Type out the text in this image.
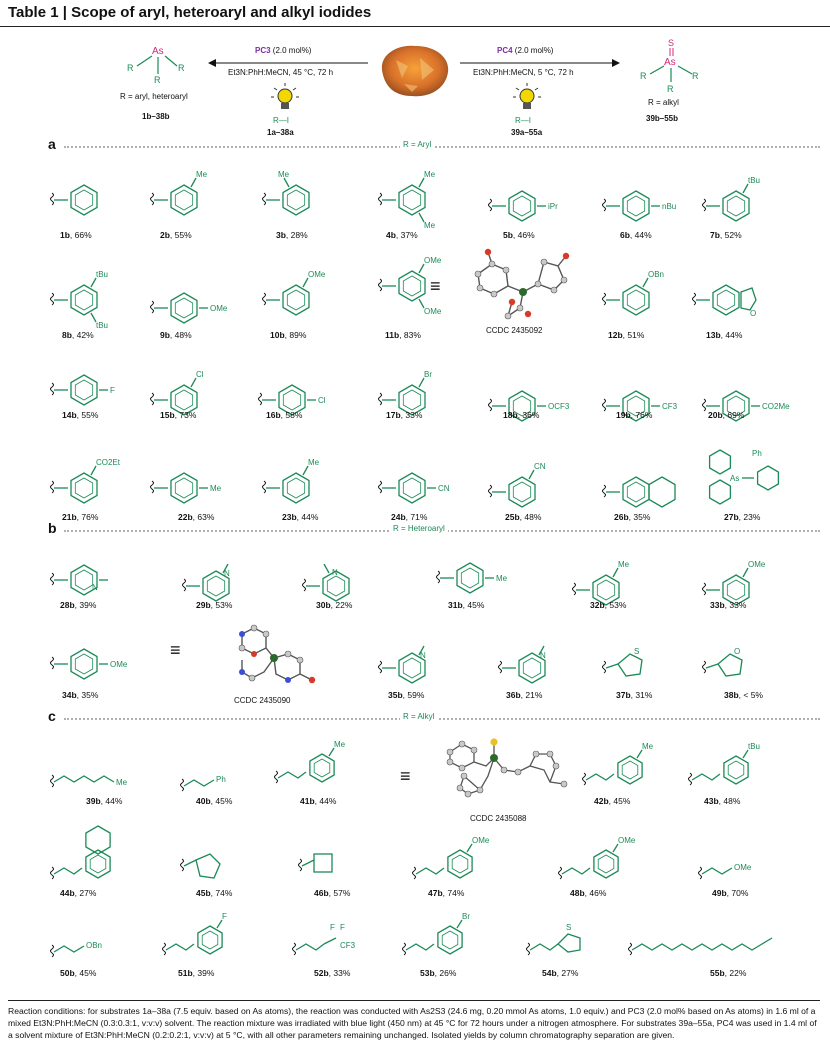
Table 1 | Scope of aryl, heteroaryl and alkyl iodides
As
R	R
R
R = aryl, heteroaryl
1b–38b
PC3 (2.0 mol%)
Et3N:PhH:MeCN, 45 °C, 72 h
PC4 (2.0 mol%)
Et3N:PhH:MeCN, 5 °C, 72 h
S
As
R	R
R
R = alkyl
39b–55b
R—I
1a–38a
R—I
39a–55a
a	R = Aryl
b	R = Heteroaryl
c	R = Alkyl
1b, 66%
Me
2b, 55%
Me
3b, 28%
Me
Me
4b, 37%
iPr
5b, 46%
nBu
6b, 44%
tBu
7b, 52%
tBu
tBu
8b, 42%
OMe
9b, 48%
OMe
10b, 89%
OMe
OMe
11b, 83%
OBn
12b, 51%
O
13b, 44%
F
14b, 55%
Cl
15b, 73%
Cl
16b, 58%
Br
17b, 33%
OCF3
18b, 36%
CF3
19b, 76%
CO2Me
20b, 69%
CO2Et
21b, 76%
Me
22b, 63%
Me
23b, 44%
CN
24b, 71%
CN
25b, 48%	26b, 35%
As
Ph
27b, 23%
N
28b, 39%
N
29b, 53%
N
30b, 22%
Me
31b, 45%
Me
32b, 53%
OMe
33b, 33%
OMe
34b, 35%
N
35b, 59%
N
36b, 21%
S
37b, 31%
O
38b, < 5%
Me
39b, 44%
Ph
40b, 45%
Me
41b, 44%
Me
42b, 45%
tBu
43b, 48%
44b, 27%	45b, 74%	46b, 57%
OMe
47b, 74%
OMe
48b, 46%
OMe
49b, 70%
OBn
50b, 45%
F
51b, 39%
F F
CF3
52b, 33%
Br
53b, 26%
S
54b, 27%	55b, 22%
≡
CCDC 2435092
≡
CCDC 2435090
≡
CCDC 2435088
Reaction conditions: for substrates 1a–38a (7.5 equiv. based on As atoms), the reaction was conducted with As2S3 (24.6 mg, 0.20 mmol As atoms, 1.0 equiv.) and PC3 (2.0 mol% based on As atoms) in 1.6 ml of a mixed Et3N:PhH:MeCN (0.3:0.3:1, v:v:v) solvent. The reaction mixture was irradiated with blue light (450 nm) at 45 °C for 72 hours under a nitrogen atmosphere. For substrates 39a–55a, PC4 was used in 1.4 ml of a solvent mixture of Et3N:PhH:MeCN (0.2:0.2:1, v:v:v) at 5 °C, with all other parameters remaining unchanged. Isolated yields by column chromatography separation are given.
